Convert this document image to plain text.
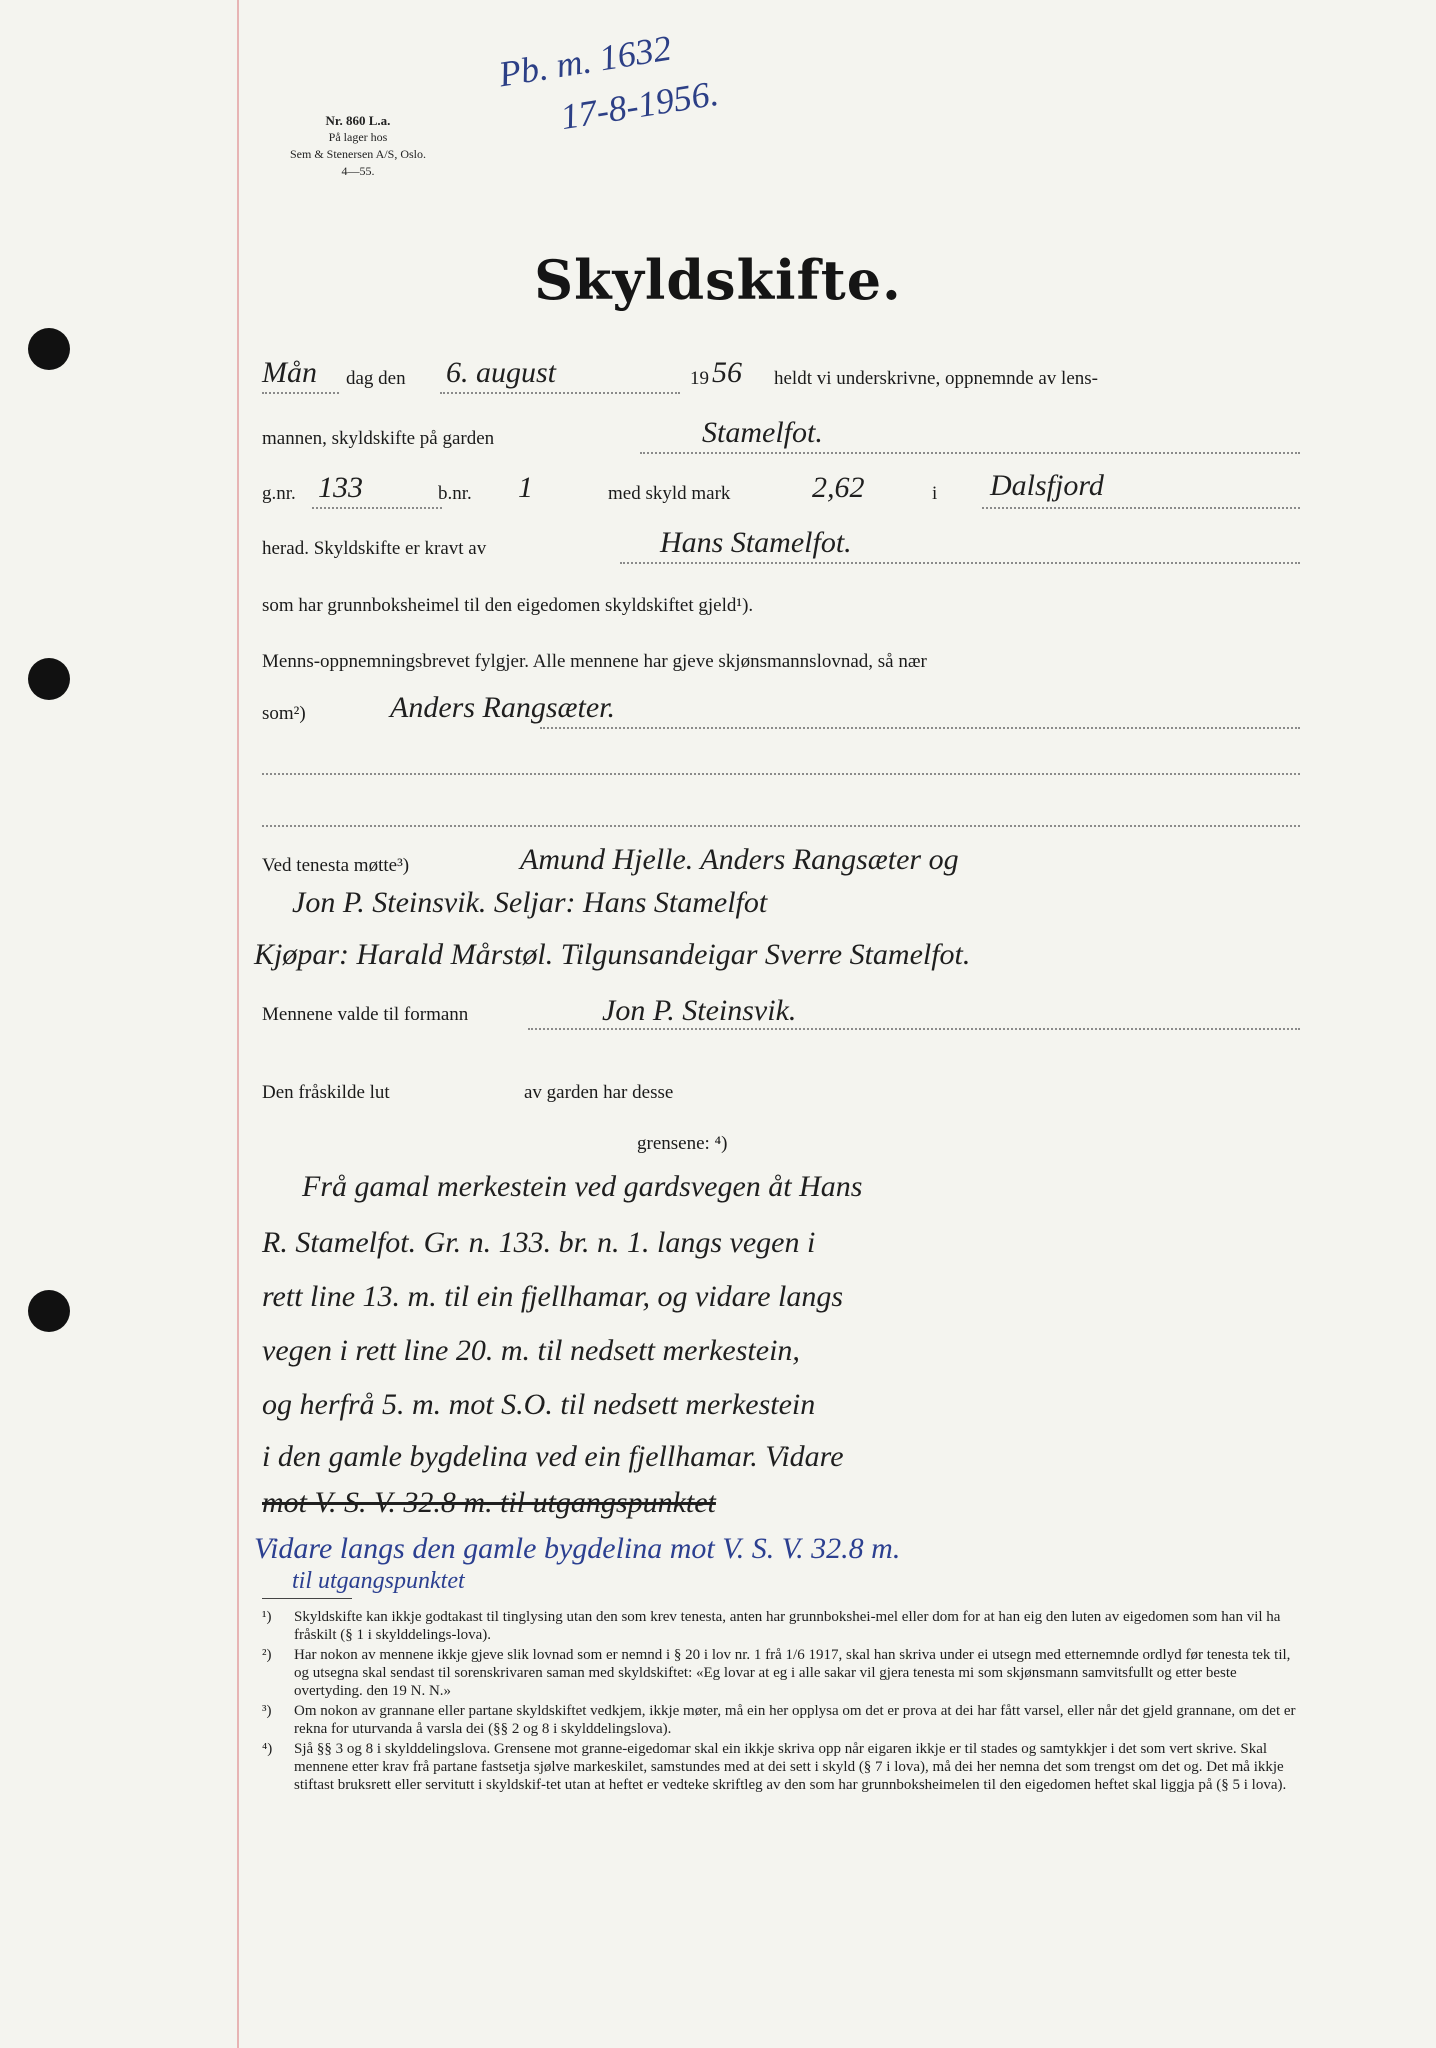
Nr. 860 L.a.
På lager hos
Sem & Stenersen A/S, Oslo.
4—55.
Pb. m. 1632
17-8-1956.
Skyldskifte.
Mån dag den 6. august	19 56 heldt vi underskrivne, oppnemnde av lens-
mannen, skyldskifte på garden	Stamelfot.
g.nr. 133	b.nr. 1	med skyld mark	2,62	i Dalsfjord
herad. Skyldskifte er kravt av	Hans Stamelfot.
som har grunnboksheimel til den eigedomen skyldskiftet gjeld¹).
Menns-oppnemningsbrevet fylgjer. Alle mennene har gjeve skjønsmannslovnad, så nær
som²)	Anders Rangsæter.
Ved tenesta møtte³)	Amund Hjelle. Anders Rangsæter og
Jon P. Steinsvik. Seljar: Hans Stamelfot
Kjøpar: Harald Mårstøl. Tilgunsandeigar Sverre Stamelfot.
Mennene valde til formann	Jon P. Steinsvik.
Den fråskilde lut	av garden har desse
grensene: ⁴)
Frå gamal merkestein ved gardsvegen åt Hans
R. Stamelfot. Gr. n. 133. br. n. 1. langs vegen i
rett line 13. m. til ein fjellhamar, og vidare langs
vegen i rett line 20. m. til nedsett merkestein,
og herfrå 5. m. mot S.O. til nedsett merkestein
i den gamle bygdelina ved ein fjellhamar. Vidare
mot V. S. V. 32.8 m. til utgangspunktet
Vidare langs den gamle bygdelina mot V. S. V. 32.8 m.
til utgangspunktet
¹) Skyldskifte kan ikkje godtakast til tinglysing utan den som krev tenesta, anten har grunnbokshei-mel eller dom for at han eig den luten av eigedomen som han vil ha fråskilt (§ 1 i skylddelings-lova).
²) Har nokon av mennene ikkje gjeve slik lovnad som er nemnd i § 20 i lov nr. 1 frå 1/6 1917, skal han skriva under ei utsegn med etternemnde ordlyd før tenesta tek til, og utsegna skal sendast til sorenskrivaren saman med skyldskiftet: «Eg lovar at eg i alle sakar vil gjera tenesta mi som skjønsmann samvitsfullt og etter beste overtyding. den 19 N. N.»
³) Om nokon av grannane eller partane skyldskiftet vedkjem, ikkje møter, må ein her opplysa om det er prova at dei har fått varsel, eller når det gjeld grannane, om det er rekna for uturvanda å varsla dei (§§ 2 og 8 i skylddelingslova).
⁴) Sjå §§ 3 og 8 i skylddelingslova. Grensene mot granne-eigedomar skal ein ikkje skriva opp når eigaren ikkje er til stades og samtykkjer i det som vert skrive. Skal mennene etter krav frå partane fastsetja sjølve markeskilet, samstundes med at dei sett i skyld (§ 7 i lova), må dei her nemna det som trengst om det og. Det må ikkje stiftast bruksrett eller servitutt i skyldskif-tet utan at heftet er vedteke skriftleg av den som har grunnboksheimelen til den eigedomen heftet skal liggja på (§ 5 i lova).
